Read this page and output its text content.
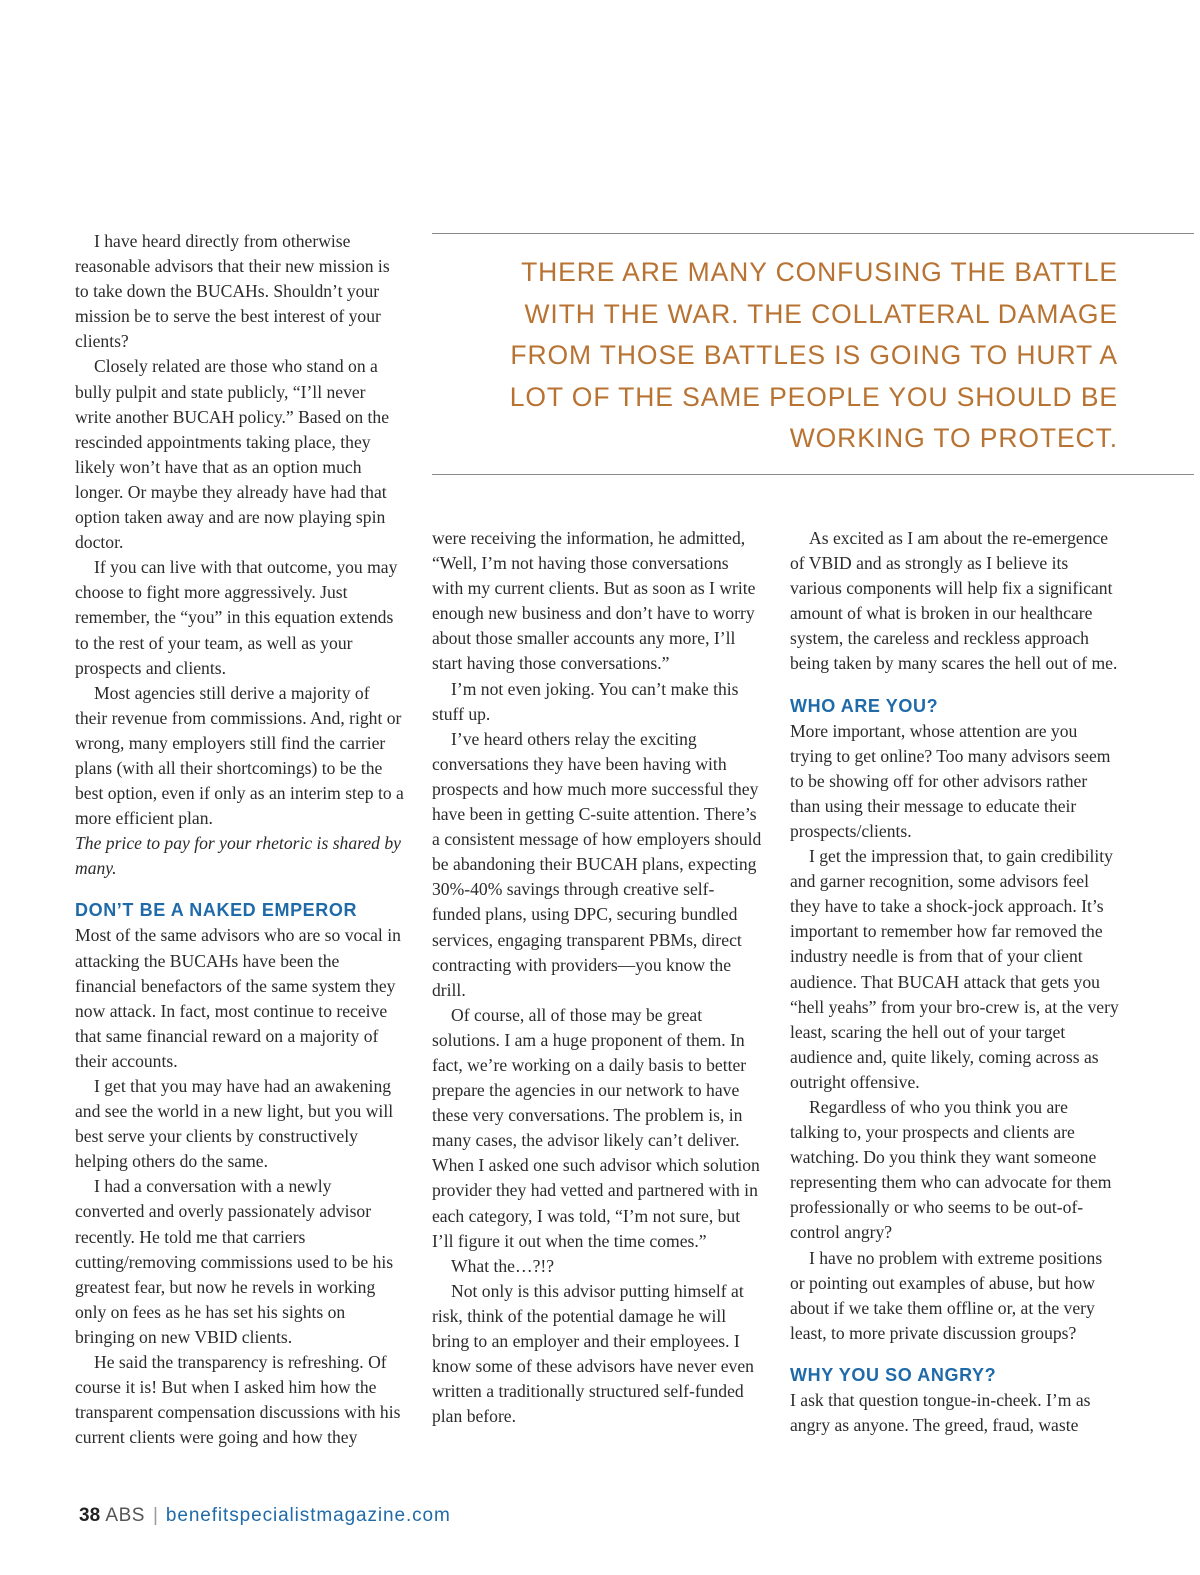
I have heard directly from otherwise reasonable advisors that their new mission is to take down the BUCAHs. Shouldn’t your mission be to serve the best interest of your clients?

Closely related are those who stand on a bully pulpit and state publicly, “I’ll never write another BUCAH policy.” Based on the rescinded appointments taking place, they likely won’t have that as an option much longer. Or maybe they already have had that option taken away and are now playing spin doctor.

If you can live with that outcome, you may choose to fight more aggressively. Just remember, the “you” in this equation extends to the rest of your team, as well as your prospects and clients.

Most agencies still derive a majority of their revenue from commissions. And, right or wrong, many employers still find the carrier plans (with all their shortcomings) to be the best option, even if only as an interim step to a more efficient plan.

The price to pay for your rhetoric is shared by many.

DON’T BE A NAKED EMPEROR

Most of the same advisors who are so vocal in attacking the BUCAHs have been the financial benefactors of the same system they now attack. In fact, most continue to receive that same financial reward on a majority of their accounts.

I get that you may have had an awakening and see the world in a new light, but you will best serve your clients by constructively helping others do the same.

I had a conversation with a newly converted and overly passionately advisor recently. He told me that carriers cutting/removing commissions used to be his greatest fear, but now he revels in working only on fees as he has set his sights on bringing on new VBID clients.

He said the transparency is refreshing. Of course it is! But when I asked him how the transparent compensation discussions with his current clients were going and how they

THERE ARE MANY CONFUSING THE BATTLE WITH THE WAR. THE COLLATERAL DAMAGE FROM THOSE BATTLES IS GOING TO HURT A LOT OF THE SAME PEOPLE YOU SHOULD BE WORKING TO PROTECT.

were receiving the information, he admitted, “Well, I’m not having those conversations with my current clients. But as soon as I write enough new business and don’t have to worry about those smaller accounts any more, I’ll start having those conversations.”

I’m not even joking. You can’t make this stuff up.

I’ve heard others relay the exciting conversations they have been having with prospects and how much more successful they have been in getting C-suite attention. There’s a consistent message of how employers should be abandoning their BUCAH plans, expecting 30%-40% savings through creative self-funded plans, using DPC, securing bundled services, engaging transparent PBMs, direct contracting with providers—you know the drill.

Of course, all of those may be great solutions. I am a huge proponent of them. In fact, we’re working on a daily basis to better prepare the agencies in our network to have these very conversations. The problem is, in many cases, the advisor likely can’t deliver. When I asked one such advisor which solution provider they had vetted and partnered with in each category, I was told, “I’m not sure, but I’ll figure it out when the time comes.”

What the…?!?

Not only is this advisor putting himself at risk, think of the potential damage he will bring to an employer and their employees. I know some of these advisors have never even written a traditionally structured self-funded plan before.

As excited as I am about the re-emergence of VBID and as strongly as I believe its various components will help fix a significant amount of what is broken in our healthcare system, the careless and reckless approach being taken by many scares the hell out of me.

WHO ARE YOU?

More important, whose attention are you trying to get online? Too many advisors seem to be showing off for other advisors rather than using their message to educate their prospects/clients.

I get the impression that, to gain credibility and garner recognition, some advisors feel they have to take a shock-jock approach. It’s important to remember how far removed the industry needle is from that of your client audience. That BUCAH attack that gets you “hell yeahs” from your bro-crew is, at the very least, scaring the hell out of your target audience and, quite likely, coming across as outright offensive.

Regardless of who you think you are talking to, your prospects and clients are watching. Do you think they want someone representing them who can advocate for them professionally or who seems to be out-of-control angry?

I have no problem with extreme positions or pointing out examples of abuse, but how about if we take them offline or, at the very least, to more private discussion groups?

WHY YOU SO ANGRY?

I ask that question tongue-in-cheek. I’m as angry as anyone. The greed, fraud, waste

38 ABS | benefitspecialistmagazine.com
